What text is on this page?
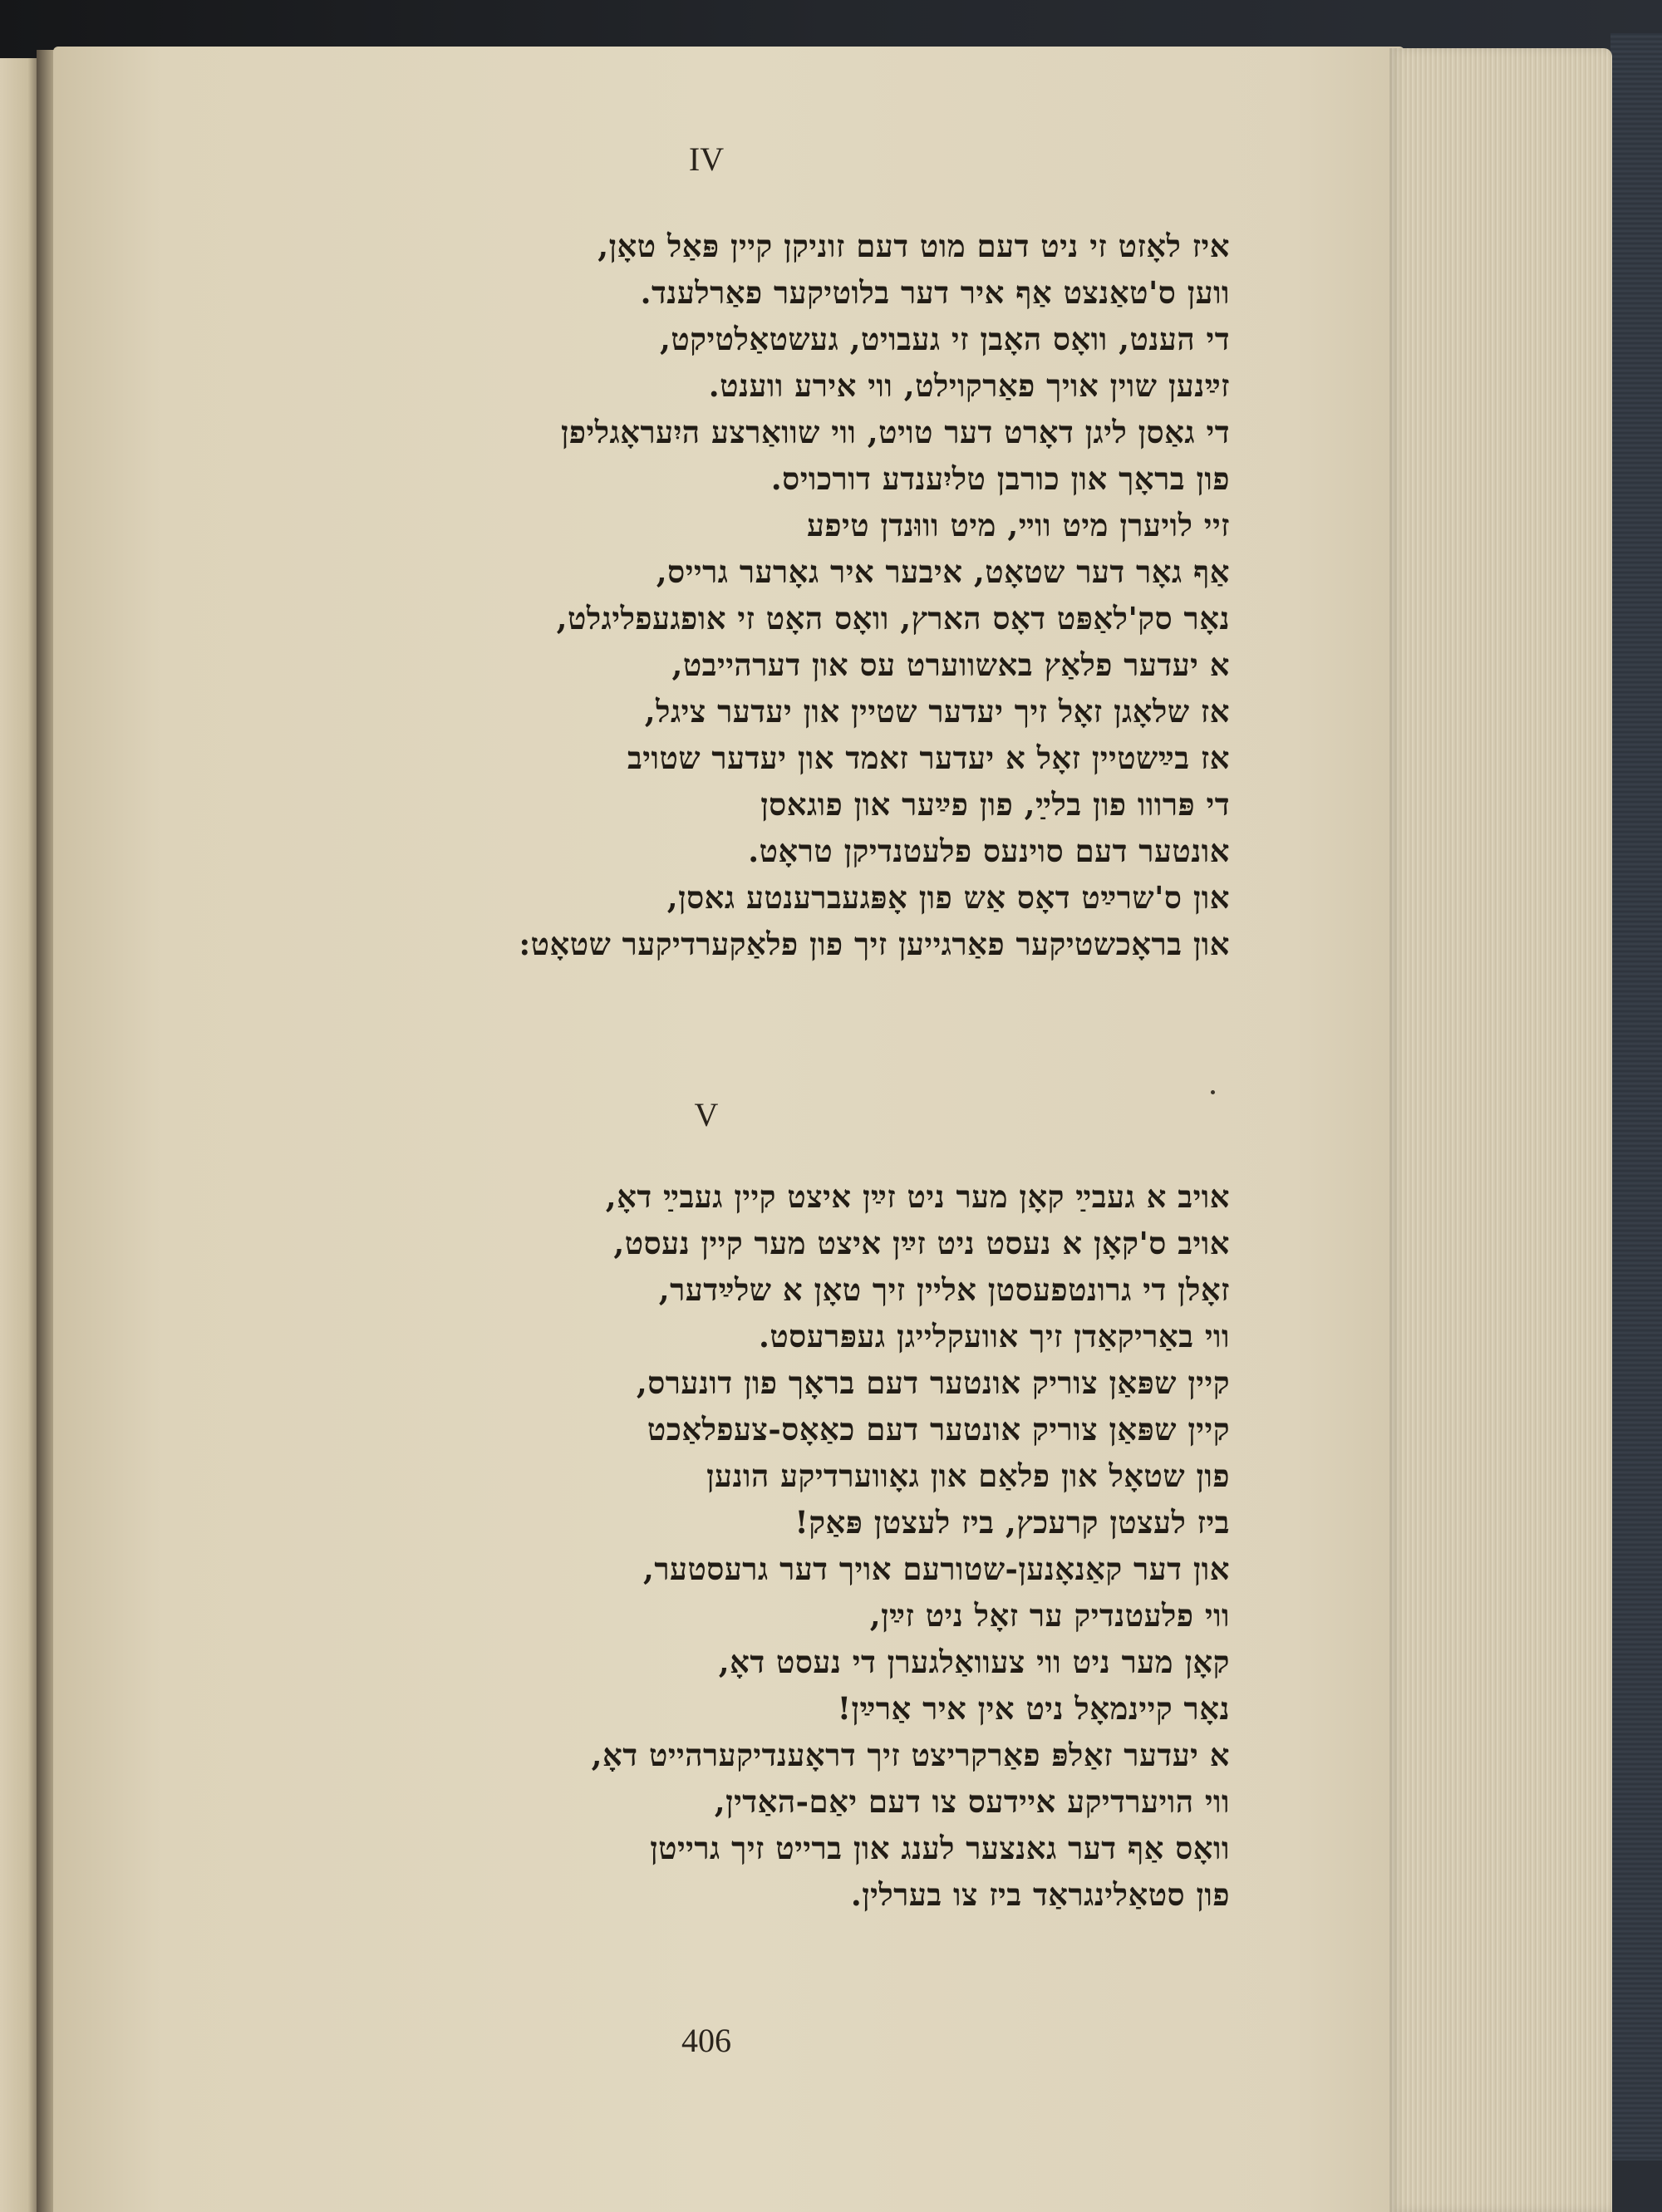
IV
איז לאָזט זי ניט דעם מוט דעם זוניקן קיין פּאַל טאָן,
ווען ס'טאַנצט אַף איר דער בלוטיקער פאַרלענד.
די הענט, וואָס האָבן זי געבויט, געשטאַלטיקט,
זײַנען שוין אויך פאַרקוילט, ווי אירע ווענט.
די גאַסן ליגן דאָרט דער טויט, ווי שוואַרצע היִעראָגליפן
פון בראָך און כורבן טליִענדע דורכויס.
זיי לויערן מיט ווײ, מיט וווּנדן טיפע
אַף גאָר דער שטאָט, איבער איר גאָרער גרייס,
נאָר סק'לאַפּט דאָס הארץ, וואָס האָט זי אופגעפליגלט,
א יעדער פלאַץ באשווערט עס און דערהייבט,
אז שלאָגן זאָל זיך יעדער שטיין און יעדער ציגל,
אז בײַשטיין זאָל א יעדער זאמד און יעדער שטויב
די פּרווו פון בלײַ, פון פײַער און פוגאסן
אונטער דעם סוינעס פלעטנדיקן טראָט.
און ס'שרײַט דאָס אַש פון אָפּגעברענטע גאסן,
און בראָכשטיקער פאַרגייען זיך פון פלאַקערדיקער שטאָט:
V
אויב א געבײַ קאָן מער ניט זײַן איצט קיין געבײַ דאָ,
אויב ס'קאָן א נעסט ניט זײַן איצט מער קיין נעסט,
זאָלן די גרונטפעסטן אליין זיך טאָן א שלײַדער,
ווי באַריקאַדן זיך אוועקלייגן געפּרעסט.
קיין שפּאַן צוריק אונטער דעם בראָך פון דונערס,
קיין שפּאַן צוריק אונטער דעם כאַאָס-צעפלאַכט
פון שטאָל און פלאַם און גאָווערדיקע הונען
ביז לעצטן קרעכץ, ביז לעצטן פּאַק!
און דער קאַנאָנען-שטורעם אויך דער גרעסטער,
ווי פלעטנדיק ער זאָל ניט זײַן,
קאָן מער ניט ווי צעוואַלגערן די נעסט דאָ,
נאָר קיינמאָל ניט אין איר אַרײַן!
א יעדער זאַלפּ פאַרקריצט זיך דראָענדיקערהייט דאָ,
ווי הויערדיקע איידעס צו דעם יאַם-האַדין,
וואָס אַף דער גאנצער לענג און ברייט זיך גרייטן
פון סטאַלינגראַד ביז צו בערלין.
406
